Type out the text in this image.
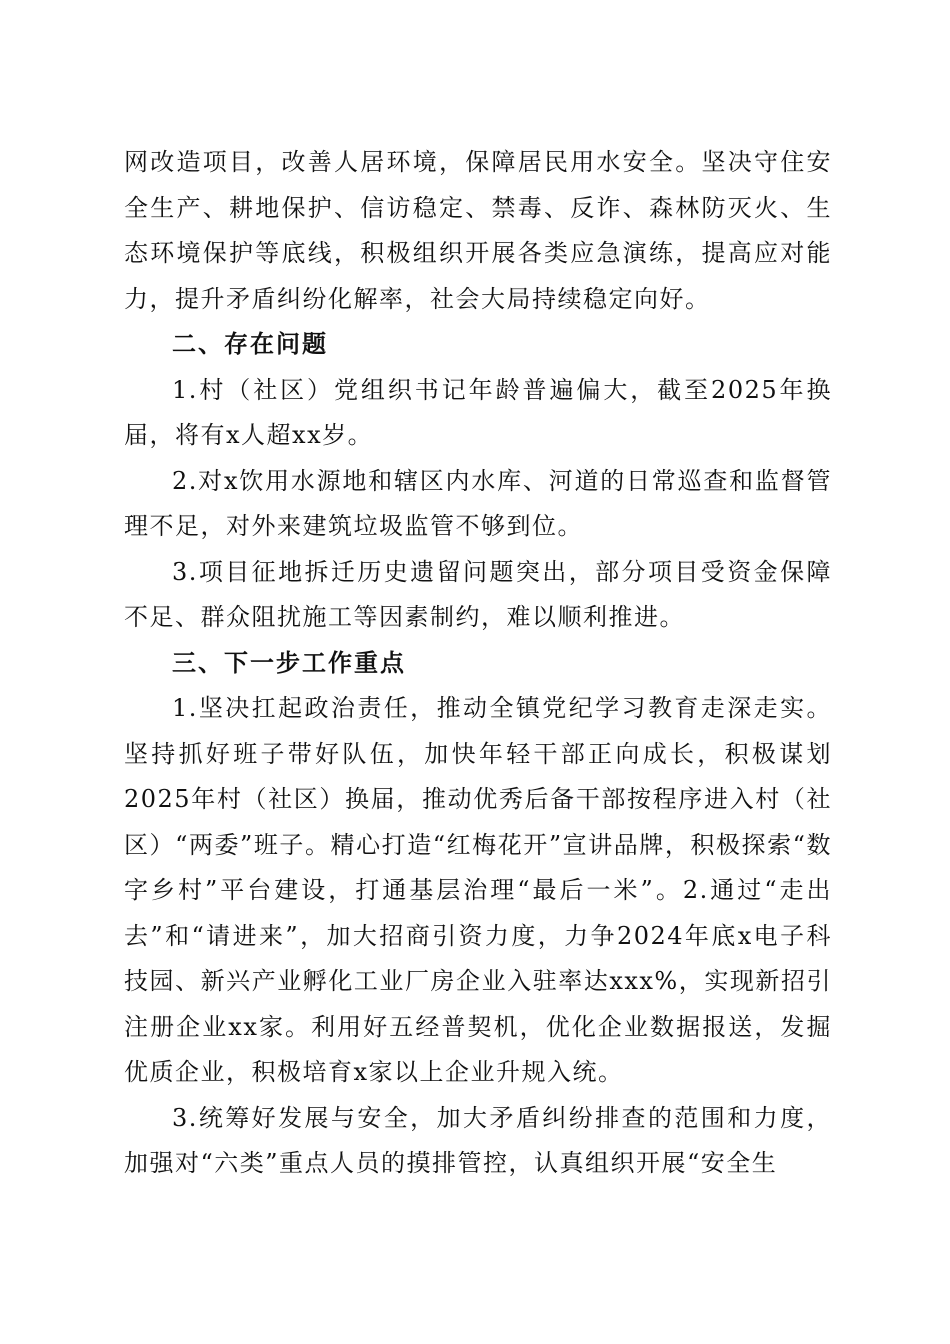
网改造项目，改善人居环境，保障居民用水安全。坚决守住安全生产、耕地保护、信访稳定、禁毒、反诈、森林防灭火、生态环境保护等底线，积极组织开展各类应急演练，提高应对能力，提升矛盾纠纷化解率，社会大局持续稳定向好。

二、存在问题

1.村（社区）党组织书记年龄普遍偏大，截至2025年换届，将有x人超xx岁。

2.对x饮用水源地和辖区内水库、河道的日常巡查和监督管理不足，对外来建筑垃圾监管不够到位。

3.项目征地拆迁历史遗留问题突出，部分项目受资金保障不足、群众阻扰施工等因素制约，难以顺利推进。

三、下一步工作重点

1.坚决扛起政治责任，推动全镇党纪学习教育走深走实。坚持抓好班子带好队伍，加快年轻干部正向成长，积极谋划2025年村（社区）换届，推动优秀后备干部按程序进入村（社区）“两委”班子。精心打造“红梅花开”宣讲品牌，积极探索“数字乡村”平台建设，打通基层治理“最后一米”。2.通过“走出去”和“请进来”，加大招商引资力度，力争2024年底x电子科技园、新兴产业孵化工业厂房企业入驻率达xxx%，实现新招引注册企业xx家。利用好五经普契机，优化企业数据报送，发掘优质企业，积极培育x家以上企业升规入统。

3.统筹好发展与安全，加大矛盾纠纷排查的范围和力度，加强对“六类”重点人员的摸排管控，认真组织开展“安全生
